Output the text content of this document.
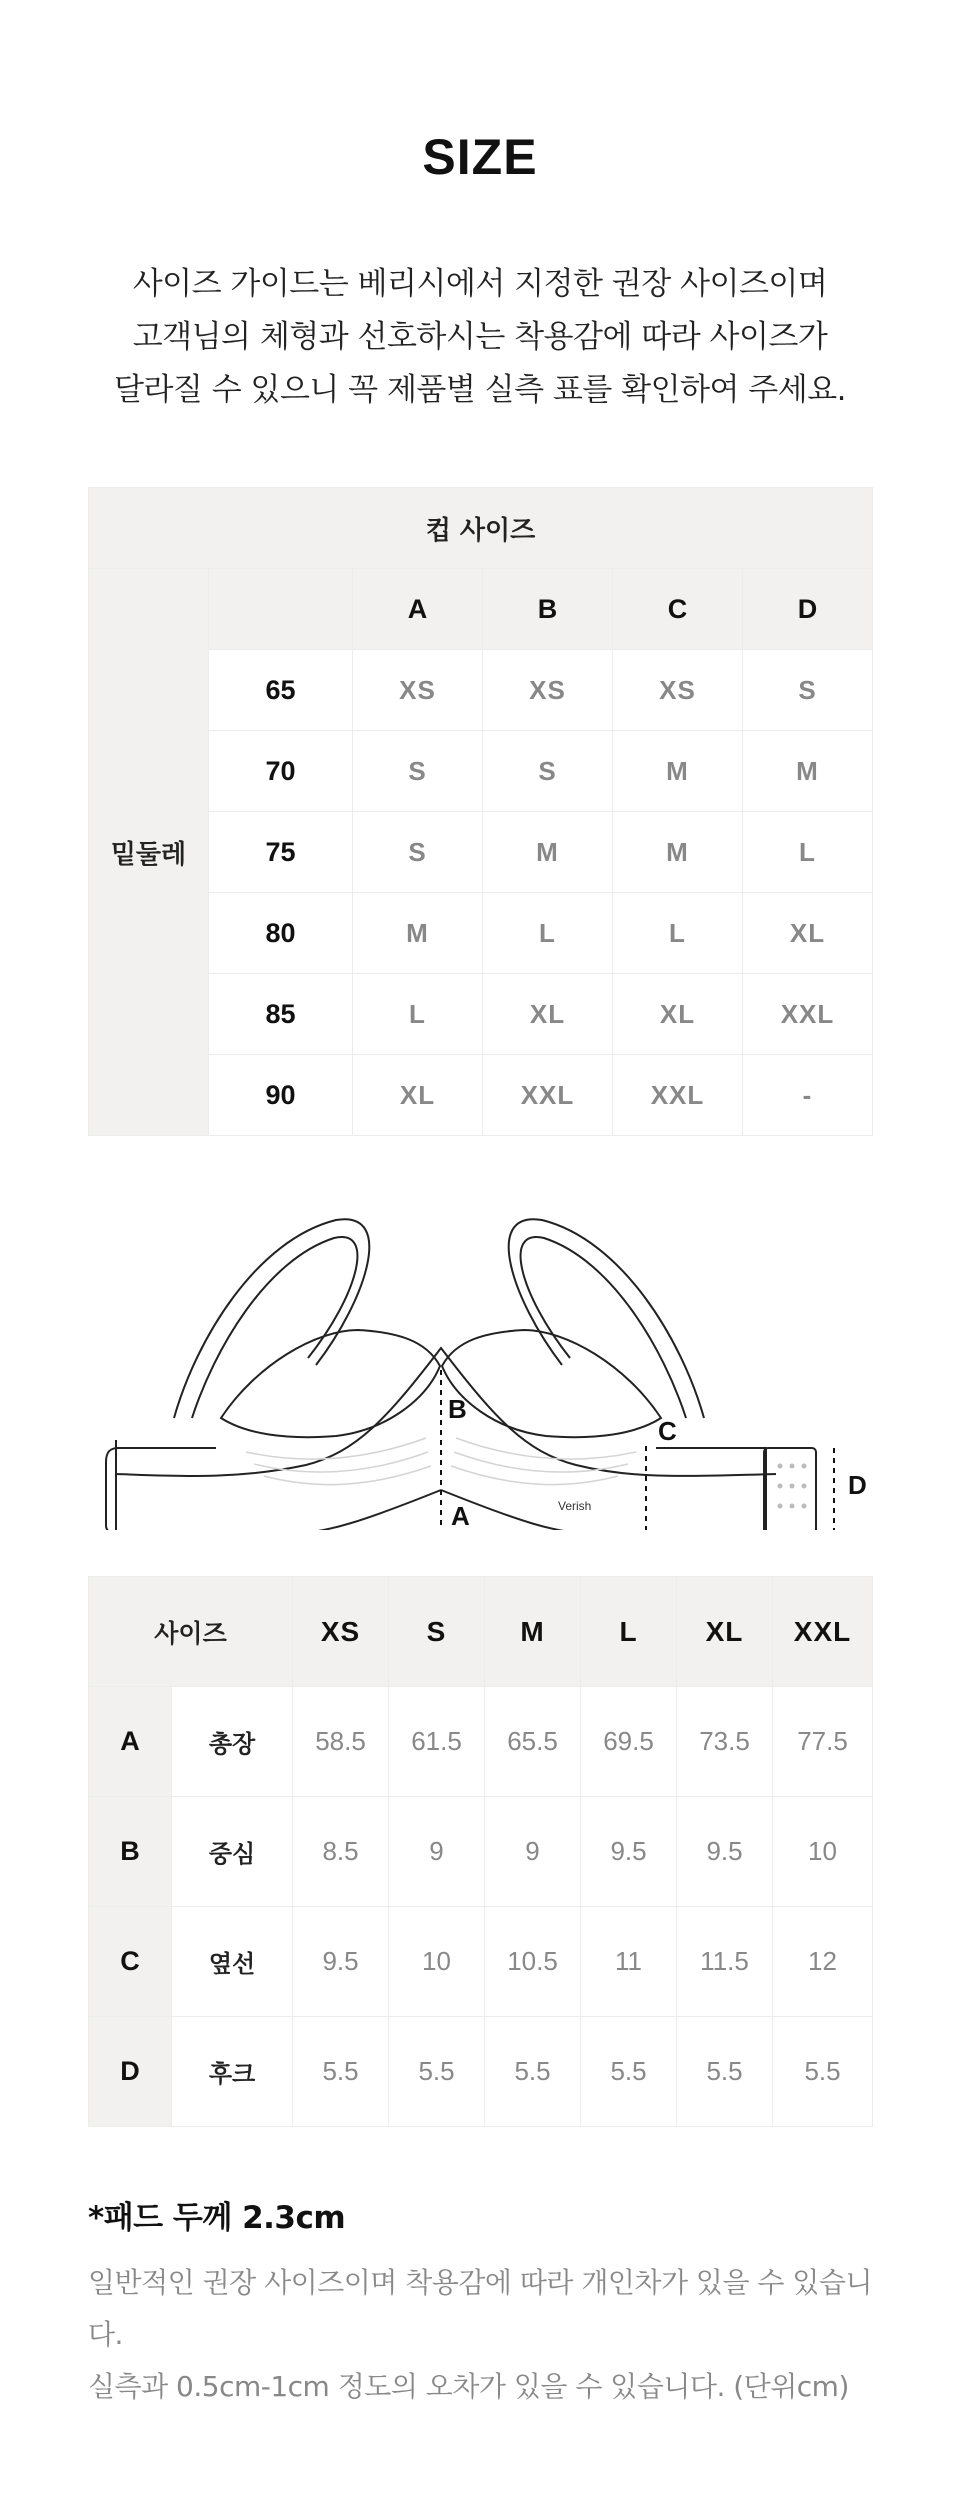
SIZE
사이즈 가이드는 베리시에서 지정한 권장 사이즈이며
고객님의 체형과 선호하시는 착용감에 따라 사이즈가
달라질 수 있으니 꼭 제품별 실측 표를 확인하여 주세요.
컵 사이즈					
밑둘레		A	B	C	D
	65	XS	XS	XS	S
	70	S	S	M	M
	75	S	M	M	L
	80	M	L	L	XL
	85	L	XL	XL	XXL
	90	XL	XXL	XXL	-
A
B
C
D
Verish
사이즈		XS	S	M	L	XL	XXL
A	총장	58.5	61.5	65.5	69.5	73.5	77.5
B	중심	8.5	9	9	9.5	9.5	10
C	옆선	9.5	10	10.5	11	11.5	12
D	후크	5.5	5.5	5.5	5.5	5.5	5.5
*패드 두께 2.3cm
일반적인 권장 사이즈이며 착용감에 따라 개인차가 있을 수 있습니다.
실측과 0.5cm-1cm 정도의 오차가 있을 수 있습니다. (단위cm)
